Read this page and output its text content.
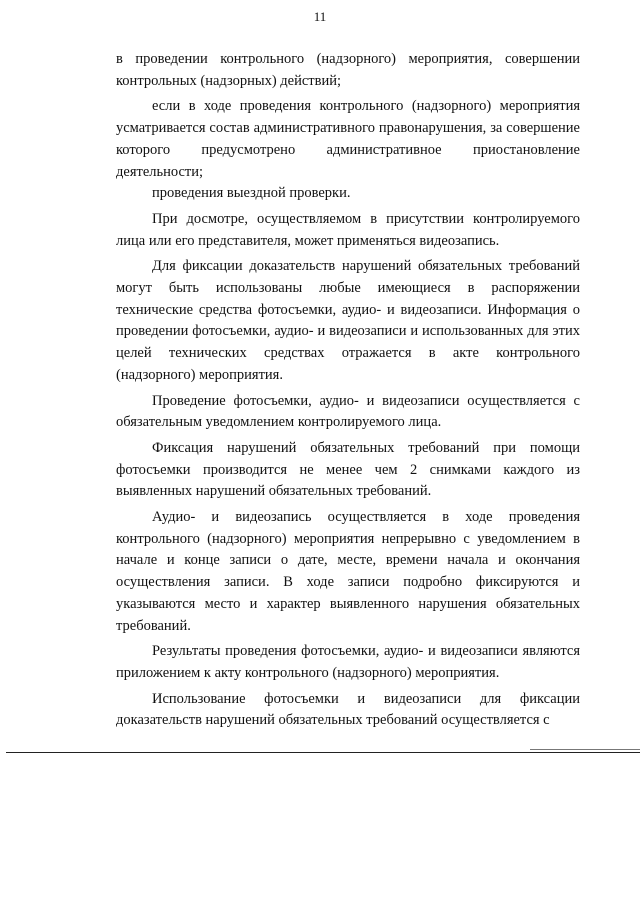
11

в проведении контрольного (надзорного) мероприятия, совершении контрольных (надзорных) действий;

если в ходе проведения контрольного (надзорного) мероприятия усматривается состав административного правонарушения, за совершение которого предусмотрено административное приостановление деятельности;

проведения выездной проверки.

При досмотре, осуществляемом в присутствии контролируемого лица или его представителя, может применяться видеозапись.

Для фиксации доказательств нарушений обязательных требований могут быть использованы любые имеющиеся в распоряжении технические средства фотосъемки, аудио- и видеозаписи. Информация о проведении фотосъемки, аудио- и видеозаписи и использованных для этих целей технических средствах отражается в акте контрольного (надзорного) мероприятия.

Проведение фотосъемки, аудио- и видеозаписи осуществляется с обязательным уведомлением контролируемого лица.

Фиксация нарушений обязательных требований при помощи фотосъемки производится не менее чем 2 снимками каждого из выявленных нарушений обязательных требований.

Аудио- и видеозапись осуществляется в ходе проведения контрольного (надзорного) мероприятия непрерывно с уведомлением в начале и конце записи о дате, месте, времени начала и окончания осуществления записи. В ходе записи подробно фиксируются и указываются место и характер выявленного нарушения обязательных требований.

Результаты проведения фотосъемки, аудио- и видеозаписи являются приложением к акту контрольного (надзорного) мероприятия.

Использование фотосъемки и видеозаписи для фиксации доказательств нарушений обязательных требований осуществляется с
